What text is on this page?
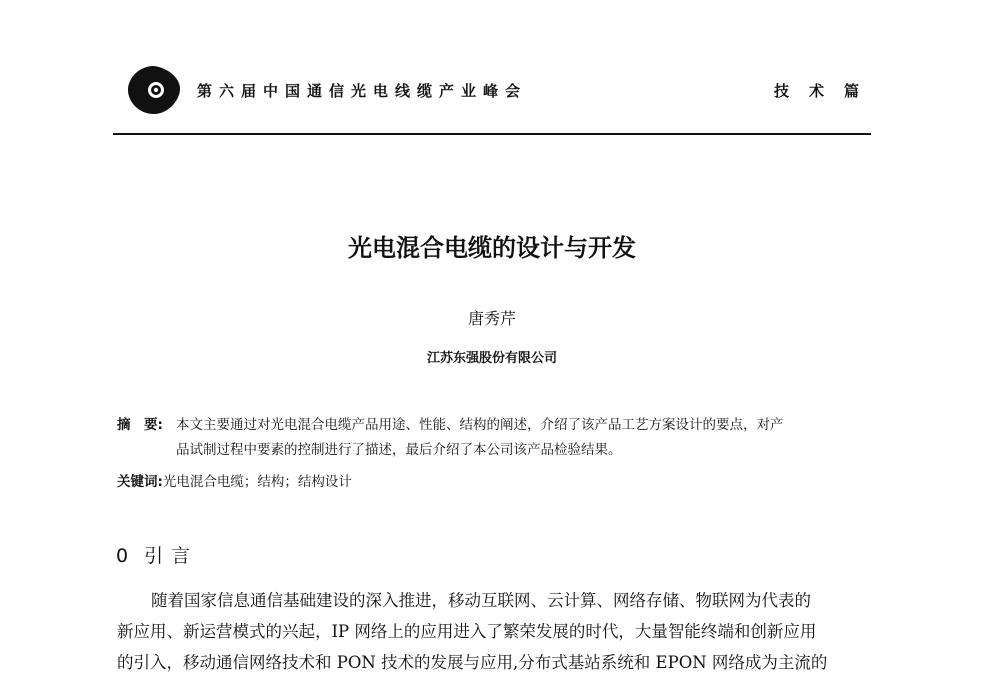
第六届中国通信光电线缆产业峰会	技术篇
光电混合电缆的设计与开发
唐秀芹
江苏东强股份有限公司
摘　要: 本文主要通过对光电混合电缆产品用途、性能、结构的阐述，介绍了该产品工艺方案设计的要点，对产
品试制过程中要素的控制进行了描述，最后介绍了本公司该产品检验结果。
关键词:光电混合电缆；结构；结构设计
0 引言
随着国家信息通信基础建设的深入推进，移动互联网、云计算、网络存储、物联网为代表的
新应用、新运营模式的兴起，IP 网络上的应用进入了繁荣发展的时代，大量智能终端和创新应用
的引入，移动通信网络技术和 PON 技术的发展与应用,分布式基站系统和 EPON 网络成为主流的
